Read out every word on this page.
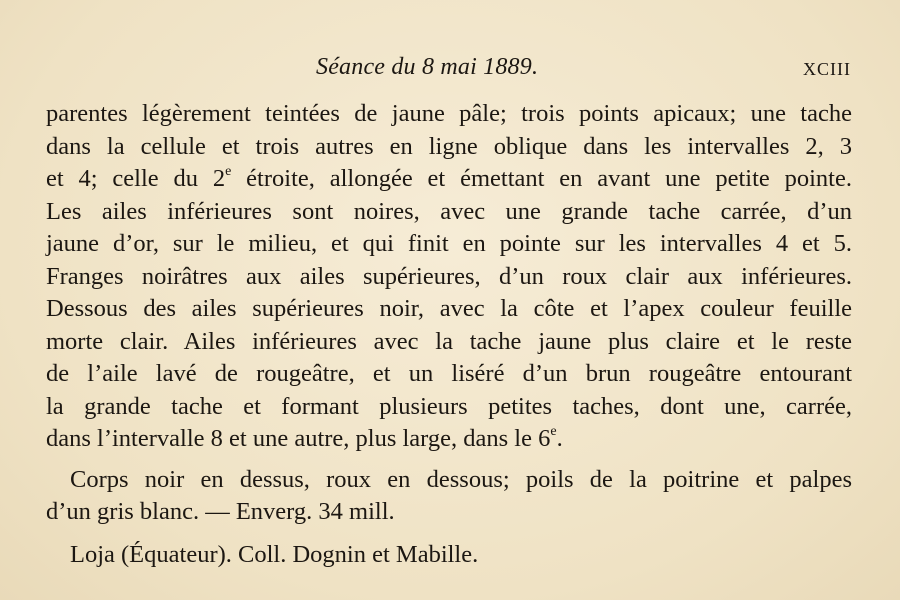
Séance du 8 mai 1889.	XCIII
parentes légèrement teintées de jaune pâle; trois points apicaux; une tache
dans la cellule et trois autres en ligne oblique dans les intervalles 2, 3
et 4; celle du 2e étroite, allongée et émettant en avant une petite pointe.
Les ailes inférieures sont noires, avec une grande tache carrée, d’un
jaune d’or, sur le milieu, et qui finit en pointe sur les intervalles 4 et 5.
Franges noirâtres aux ailes supérieures, d’un roux clair aux inférieures.
Dessous des ailes supérieures noir, avec la côte et l’apex couleur feuille
morte clair. Ailes inférieures avec la tache jaune plus claire et le reste
de l’aile lavé de rougeâtre, et un liséré d’un brun rougeâtre entourant
la grande tache et formant plusieurs petites taches, dont une, carrée,
dans l’intervalle 8 et une autre, plus large, dans le 6e.
Corps noir en dessus, roux en dessous; poils de la poitrine et palpes
d’un gris blanc. — Enverg. 34 mill.
Loja (Équateur). Coll. Dognin et Mabille.
